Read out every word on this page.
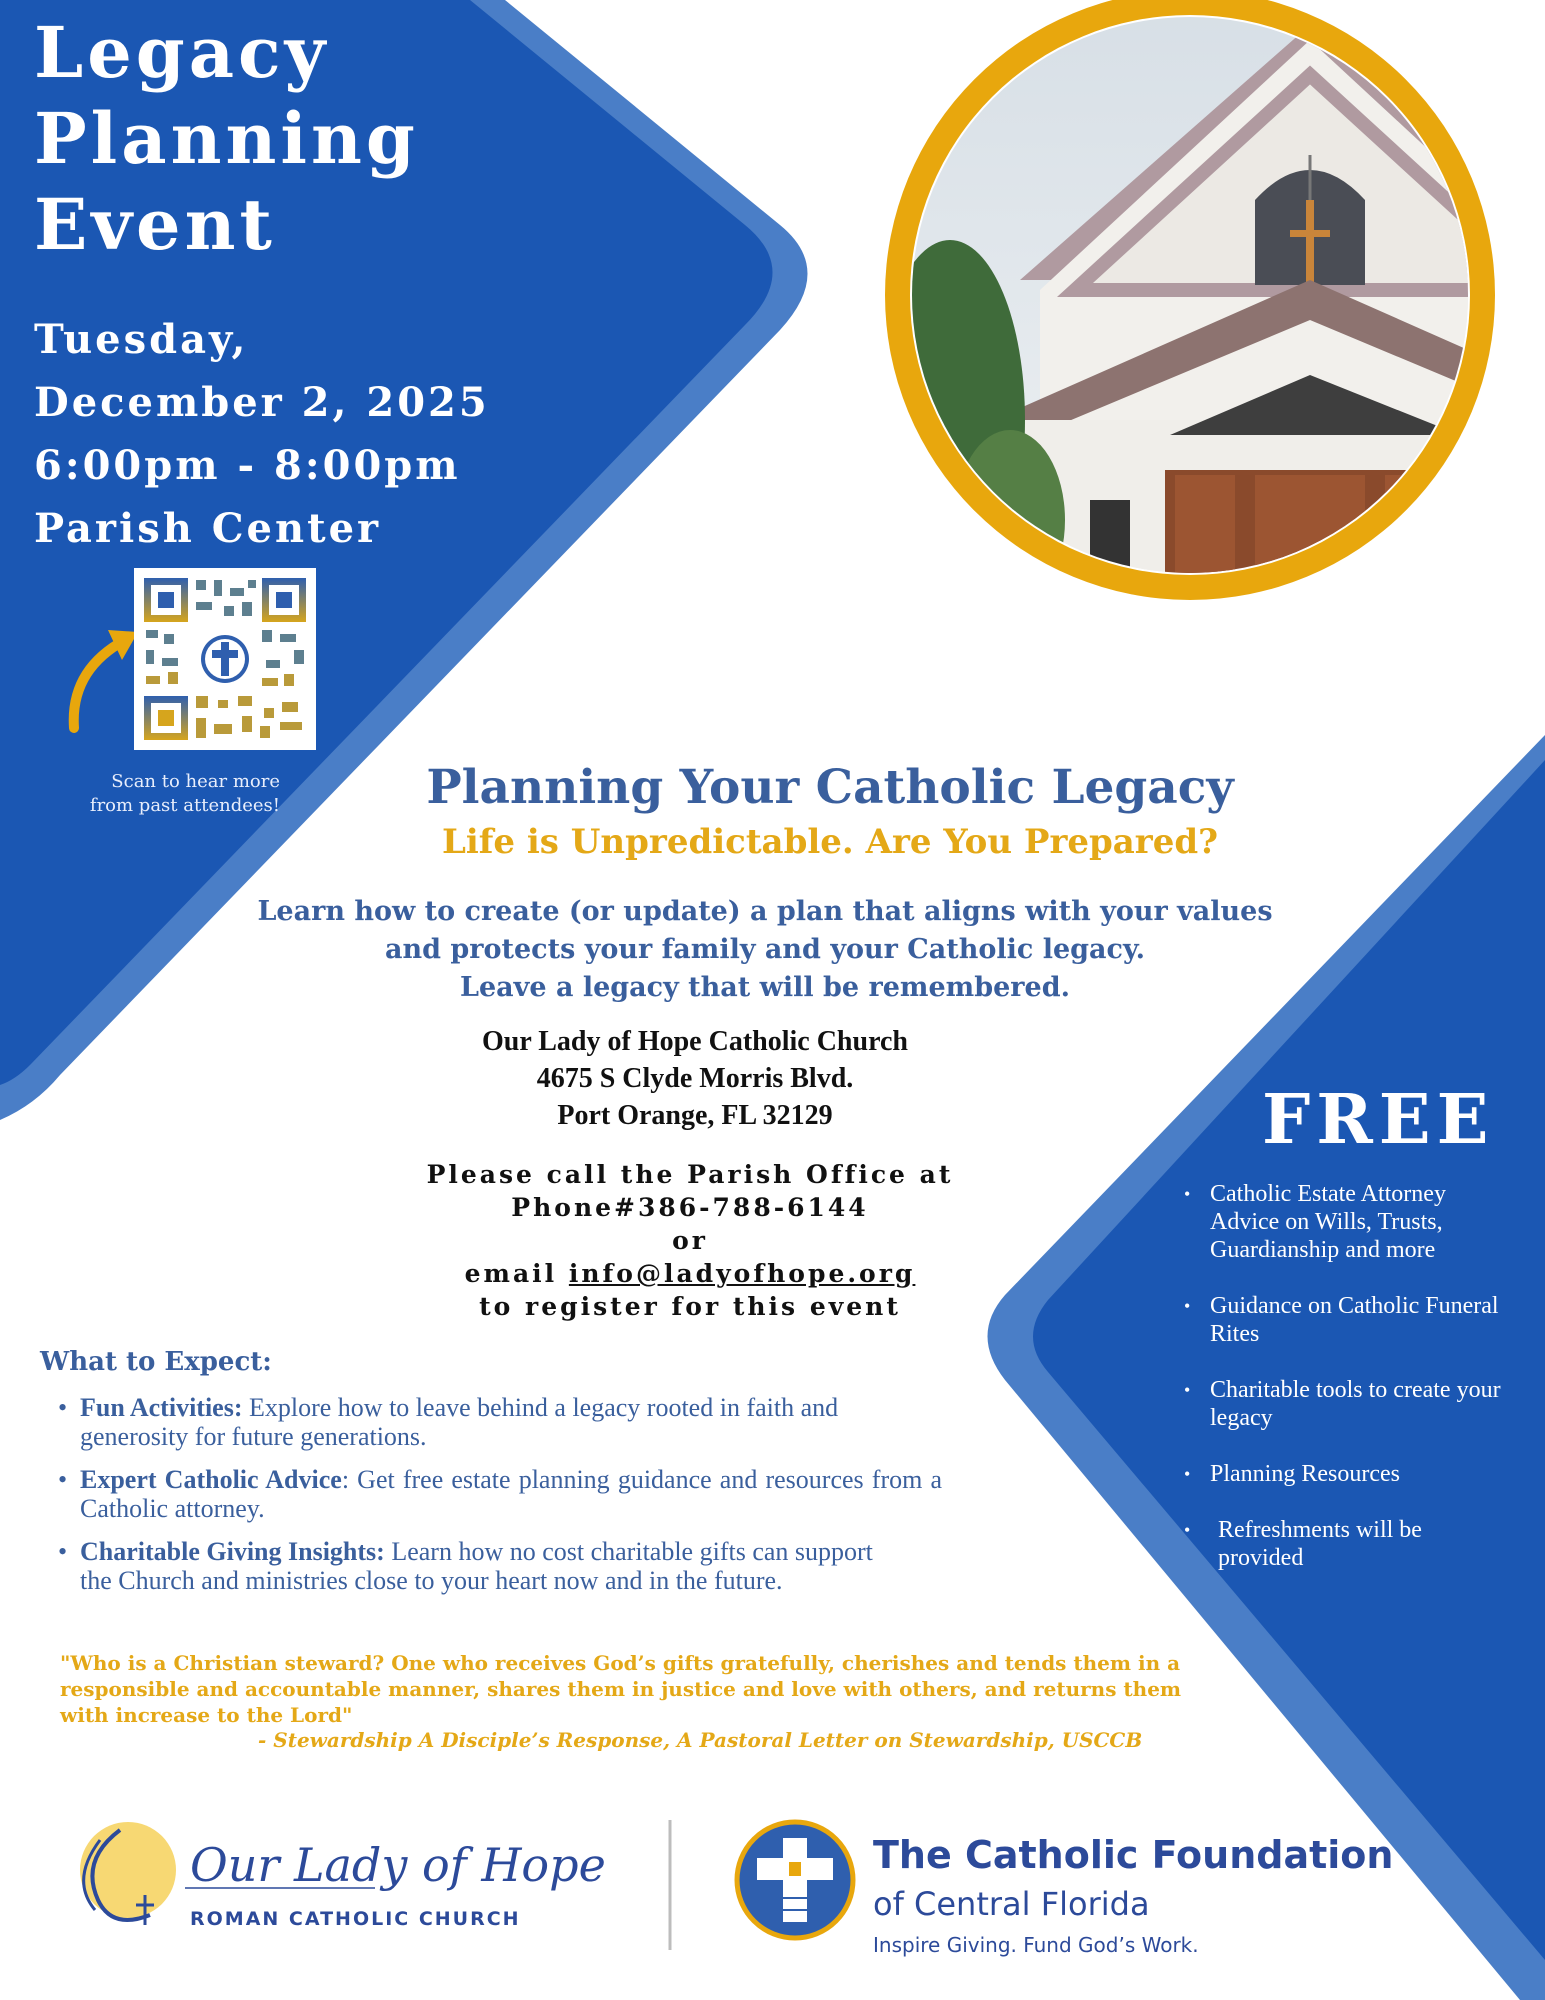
Legacy
Planning
Event
Tuesday,
December 2, 2025
6:00pm - 8:00pm
Parish Center
Scan to hear more
from past attendees!	Planning Your Catholic Legacy
Life is Unpredictable. Are You Prepared?
Learn how to create (or update) a plan that aligns with your values
and protects your family and your Catholic legacy.
Leave a legacy that will be remembered.
Our Lady of Hope Catholic Church
4675 S Clyde Morris Blvd.
Port Orange, FL 32129
Please call the Parish Office at
Phone#386-788-6144
or
email info@ladyofhope.org
to register for this event
What to Expect:
• Fun Activities: Explore how to leave behind a legacy rooted in faith and generosity for future generations.
• Expert Catholic Advice: Get free estate planning guidance and resources from a Catholic attorney.
• Charitable Giving Insights: Learn how no cost charitable gifts can support the Church and ministries close to your heart now and in the future.
"Who is a Christian steward? One who receives God’s gifts gratefully, cherishes and tends them in a responsible and accountable manner, shares them in justice and love with others, and returns them with increase to the Lord"
- Stewardship A Disciple’s Response, A Pastoral Letter on Stewardship, USCCB
FREE
• Catholic Estate Attorney Advice on Wills, Trusts, Guardianship and more
• Guidance on Catholic Funeral Rites
• Charitable tools to create your legacy
• Planning Resources
• Refreshments will be provided
Our Lady of Hope
ROMAN CATHOLIC CHURCH
The Catholic Foundation
of Central Florida
Inspire Giving. Fund God’s Work.
